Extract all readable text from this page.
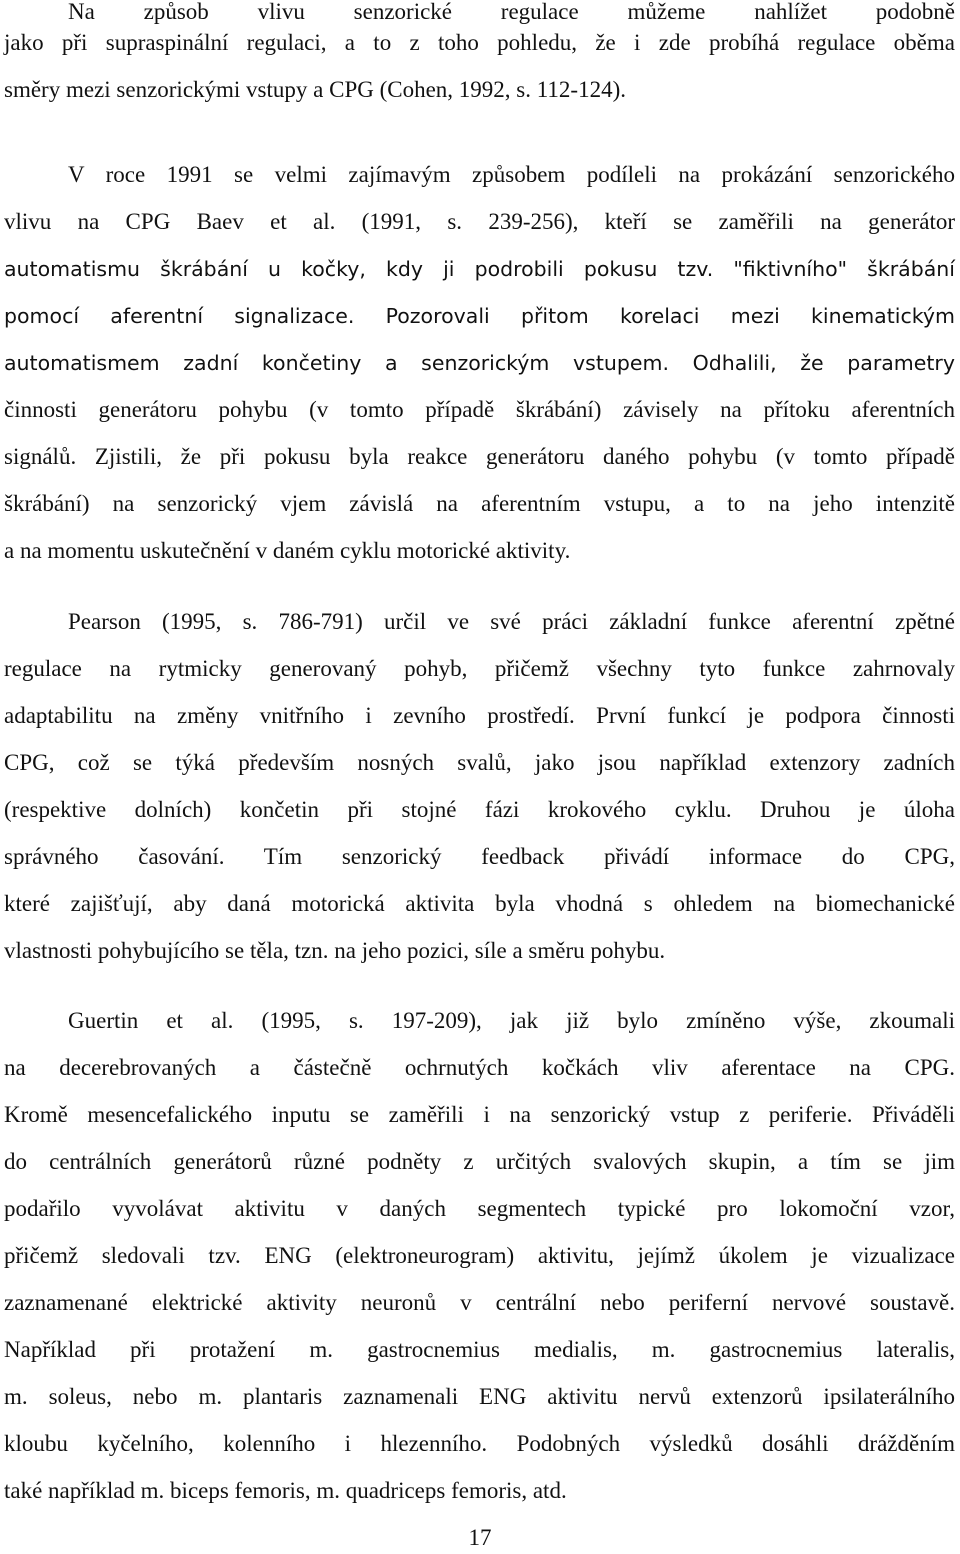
Na způsob vlivu senzorické regulace můžeme nahlížet podobně
jako při supraspinální regulaci, a to z toho pohledu, že i zde probíhá regulace oběma
směry mezi senzorickými vstupy a CPG (Cohen, 1992, s. 112-124).
V roce 1991 se velmi zajímavým způsobem podíleli na prokázání senzorického
vlivu na CPG Baev et al. (1991, s. 239-256), kteří se zaměřili na generátor
automatismu škrábání u kočky, kdy ji podrobili pokusu tzv. "fiktivního" škrábání
pomocí aferentní signalizace. Pozorovali přitom korelaci mezi kinematickým
automatismem zadní končetiny a senzorickým vstupem. Odhalili, že parametry
činnosti generátoru pohybu (v tomto případě škrábání) závisely na přítoku aferentních
signálů. Zjistili, že při pokusu byla reakce generátoru daného pohybu (v tomto případě
škrábání) na senzorický vjem závislá na aferentním vstupu, a to na jeho intenzitě
a na momentu uskutečnění v daném cyklu motorické aktivity.
Pearson (1995, s. 786-791) určil ve své práci základní funkce aferentní zpětné
regulace na rytmicky generovaný pohyb, přičemž všechny tyto funkce zahrnovaly
adaptabilitu na změny vnitřního i zevního prostředí. První funkcí je podpora činnosti
CPG, což se týká především nosných svalů, jako jsou například extenzory zadních
(respektive dolních) končetin při stojné fázi krokového cyklu. Druhou je úloha
správného časování. Tím senzorický feedback přivádí informace do CPG,
které zajišťují, aby daná motorická aktivita byla vhodná s ohledem na biomechanické
vlastnosti pohybujícího se těla, tzn. na jeho pozici, síle a směru pohybu.
Guertin et al. (1995, s. 197-209), jak již bylo zmíněno výše, zkoumali
na decerebrovaných a částečně ochrnutých kočkách vliv aferentace na CPG.
Kromě mesencefalického inputu se zaměřili i na senzorický vstup z periferie. Přiváděli
do centrálních generátorů různé podněty z určitých svalových skupin, a tím se jim
podařilo vyvolávat aktivitu v daných segmentech typické pro lokomoční vzor,
přičemž sledovali tzv. ENG (elektroneurogram) aktivitu, jejímž úkolem je vizualizace
zaznamenané elektrické aktivity neuronů v centrální nebo periferní nervové soustavě.
Například při protažení m. gastrocnemius medialis, m. gastrocnemius lateralis,
m. soleus, nebo m. plantaris zaznamenali ENG aktivitu nervů extenzorů ipsilaterálního
kloubu kyčelního, kolenního i hlezenního. Podobných výsledků dosáhli drážděním
také například m. biceps femoris, m. quadriceps femoris, atd.
17
